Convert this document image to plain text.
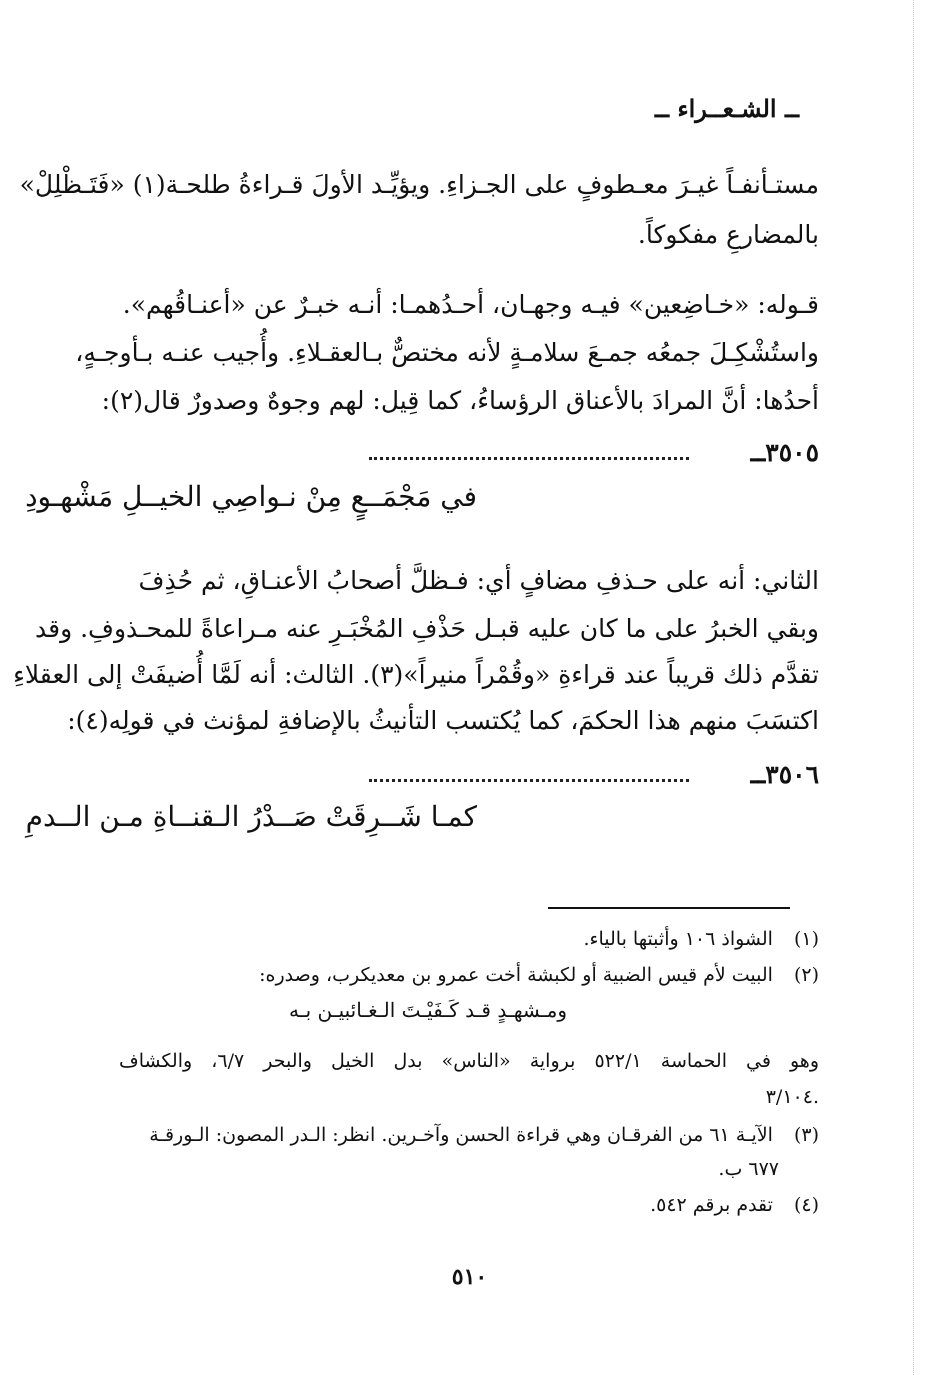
ــ الشـعــراء ــ
مستـأنفـاً غيـرَ معـطوفٍ على الجـزاءِ. ويؤيِّـد الأولَ قـراءةُ طلحـة(١) «فَتَـظْلِلْ»
بالمضارعِ مفكوكاً.
قـوله: «خـاضِعين» فيـه وجهـان، أحـدُهمـا: أنـه خبـرٌ عن «أعنـاقُهم».
واستُشْكِـلَ جمعُه جمـعَ سلامـةٍ لأنه مختصٌّ بـالعقـلاءِ. وأُجيب عنـه بـأوجـهٍ،
أحدُها: أنَّ المرادَ بالأعناق الرؤساءُ، كما قِيل: لهم وجوهٌ وصدورٌ قال(٢):
٣٥٠٥ــ
في مَجْمَــعٍ مِنْ نـواصِي الخيــلِ مَشْهـودِ
الثاني: أنه على حـذفِ مضافٍ أي: فـظلَّ أصحابُ الأعنـاقِ، ثم حُذِفَ
وبقي الخبرُ على ما كان عليه قبـل حَذْفِ المُخْبَـرِ عنه مـراعاةً للمحـذوفِ. وقد
تقدَّم ذلك قريباً عند قراءةِ «وقُمْراً منيراً»(٣). الثالث: أنه لَمَّا أُضيفَتْ إلى العقلاءِ
اكتسَبَ منهم هذا الحكمَ، كما يُكتسب التأنيثُ بالإضافةِ لمؤنث في قولِه(٤):
٣٥٠٦ــ
كمـا شَــرِقَتْ صَــدْرُ الـقنــاةِ مـن الــدمِ
(١) الشواذ ١٠٦ وأثبتها بالياء.
(٢) البيت لأم قيس الضبية أو لكبشة أخت عمرو بن معديكرب، وصدره:
ومـشهـدٍ قـد كَـفَيْـتَ الـغـائبيـن بـه
وهو في الحماسة ٥٢٢/١ برواية «الناس» بدل الخيل والبحر ٦/٧، والكشاف
٣/١٠٤.
(٣) الآيـة ٦١ من الفرقـان وهي قراءة الحسن وآخـرين. انظر: الـدر المصون: الـورقـة
٦٧٧ ب.
(٤) تقدم برقم ٥٤٢.
٥١٠
